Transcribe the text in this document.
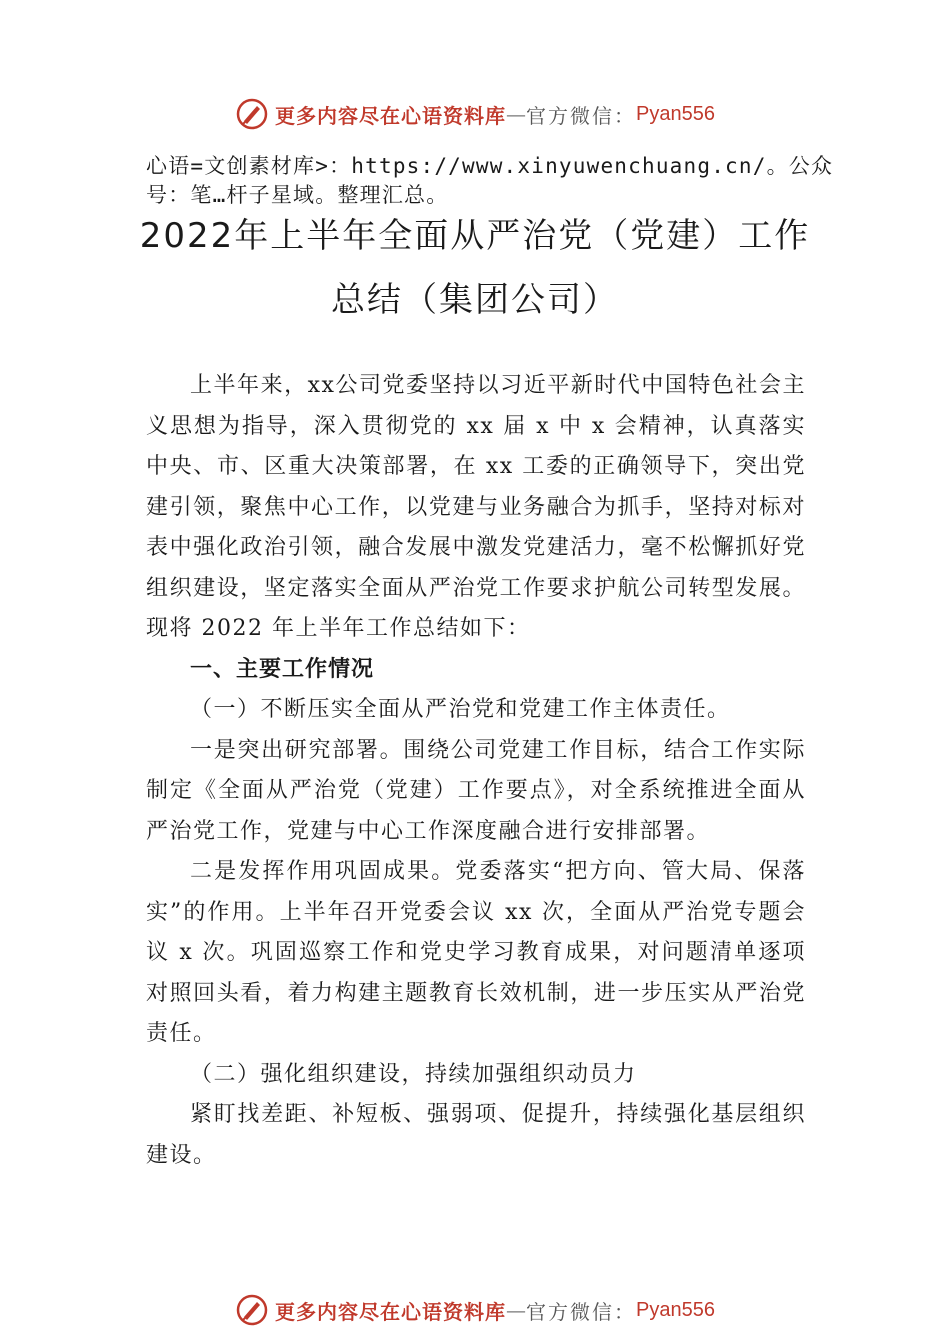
更多内容尽在心语资料库 — 官方微信： Pyan556
心语=文创素材库>：https://www.xinyuwenchuang.cn/。公众号：笔…杆子星域。整理汇总。
2022年上半年全面从严治党（党建）工作
总结（集团公司）

上半年来，xx公司党委坚持以习近平新时代中国特色社会主义思想为指导，深入贯彻党的 xx 届 x 中 x 会精神，认真落实中央、市、区重大决策部署，在 xx 工委的正确领导下，突出党建引领，聚焦中心工作，以党建与业务融合为抓手，坚持对标对表中强化政治引领，融合发展中激发党建活力，毫不松懈抓好党组织建设，坚定落实全面从严治党工作要求护航公司转型发展。现将 2022 年上半年工作总结如下：

一、主要工作情况

（一）不断压实全面从严治党和党建工作主体责任。

一是突出研究部署。围绕公司党建工作目标，结合工作实际制定《全面从严治党（党建）工作要点》，对全系统推进全面从严治党工作，党建与中心工作深度融合进行安排部署。

二是发挥作用巩固成果。党委落实“把方向、管大局、保落实”的作用。上半年召开党委会议 xx 次，全面从严治党专题会议 x 次。巩固巡察工作和党史学习教育成果，对问题清单逐项对照回头看，着力构建主题教育长效机制，进一步压实从严治党责任。

（二）强化组织建设，持续加强组织动员力

紧盯找差距、补短板、强弱项、促提升，持续强化基层组织建设。

更多内容尽在心语资料库 — 官方微信： Pyan556
